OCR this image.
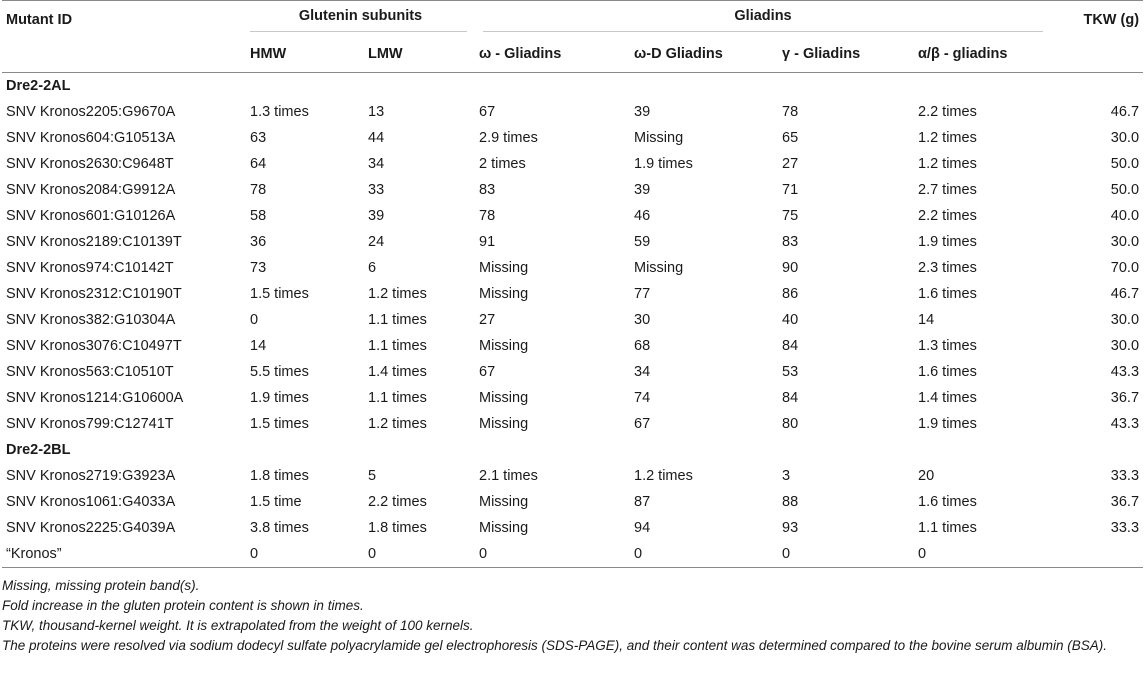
Mutant ID	Glutenin subunits		Gliadins				TKW (g)
	HMW	LMW	ω - Gliadins	ω-D Gliadins	γ - Gliadins	α/β - gliadins	
Dre2-2AL							
SNV Kronos2205:G9670A	1.3 times	13	67	39	78	2.2 times	46.7
SNV Kronos604:G10513A	63	44	2.9 times	Missing	65	1.2 times	30.0
SNV Kronos2630:C9648T	64	34	2 times	1.9 times	27	1.2 times	50.0
SNV Kronos2084:G9912A	78	33	83	39	71	2.7 times	50.0
SNV Kronos601:G10126A	58	39	78	46	75	2.2 times	40.0
SNV Kronos2189:C10139T	36	24	91	59	83	1.9 times	30.0
SNV Kronos974:C10142T	73	6	Missing	Missing	90	2.3 times	70.0
SNV Kronos2312:C10190T	1.5 times	1.2 times	Missing	77	86	1.6 times	46.7
SNV Kronos382:G10304A	0	1.1 times	27	30	40	14	30.0
SNV Kronos3076:C10497T	14	1.1 times	Missing	68	84	1.3 times	30.0
SNV Kronos563:C10510T	5.5 times	1.4 times	67	34	53	1.6 times	43.3
SNV Kronos1214:G10600A	1.9 times	1.1 times	Missing	74	84	1.4 times	36.7
SNV Kronos799:C12741T	1.5 times	1.2 times	Missing	67	80	1.9 times	43.3
Dre2-2BL							
SNV Kronos2719:G3923A	1.8 times	5	2.1 times	1.2 times	3	20	33.3
SNV Kronos1061:G4033A	1.5 time	2.2 times	Missing	87	88	1.6 times	36.7
SNV Kronos2225:G4039A	3.8 times	1.8 times	Missing	94	93	1.1 times	33.3
“Kronos”	0	0	0	0	0	0	
Missing, missing protein band(s).
Fold increase in the gluten protein content is shown in times.
TKW, thousand-kernel weight. It is extrapolated from the weight of 100 kernels.
The proteins were resolved via sodium dodecyl sulfate polyacrylamide gel electrophoresis (SDS-PAGE), and their content was determined compared to the bovine serum albumin (BSA).
